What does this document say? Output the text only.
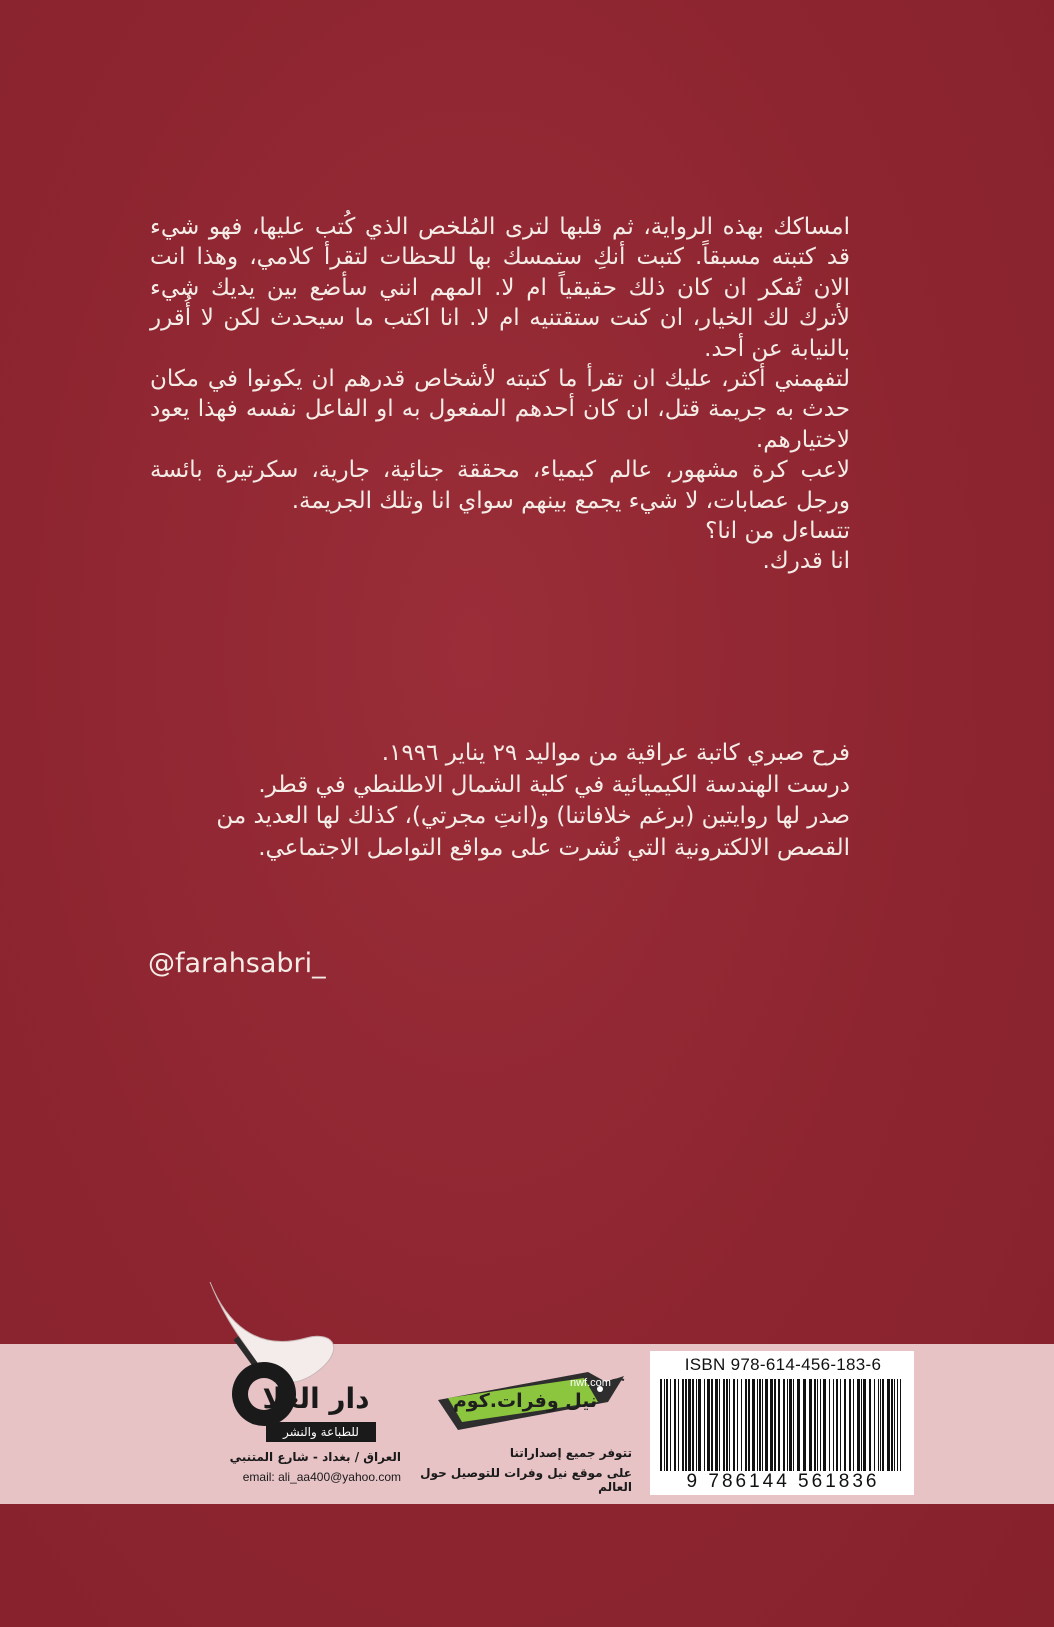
امساكك بهذه الرواية، ثم قلبها لترى المُلخص الذي كُتب عليها، فهو شيء قد كتبته مسبقاً. كتبت أنكِ ستمسك بها للحظات لتقرأ كلامي، وهذا انت الان تُفكر ان كان ذلك حقيقياً ام لا. المهم انني سأضع بين يديك شيء لأترك لك الخيار، ان كنت ستقتنيه ام لا. انا اكتب ما سيحدث لكن لا أُقرر بالنيابة عن أحد.

لتفهمني أكثر، عليك ان تقرأ ما كتبته لأشخاص قدرهم ان يكونوا في مكان حدث به جريمة قتل، ان كان أحدهم المفعول به او الفاعل نفسه فهذا يعود لاختيارهم.

لاعب كرة مشهور، عالم كيمياء، محققة جنائية، جارية، سكرتيرة بائسة ورجل عصابات، لا شيء يجمع بينهم سواي انا وتلك الجريمة.

تتساءل من انا؟

انا قدرك.

فرح صبري كاتبة عراقية من مواليد ٢٩ يناير ١٩٩٦.

درست الهندسة الكيميائية في كلية الشمال الاطلنطي في قطر.

صدر لها روايتين (برغم خلافاتنا) و(انتِ مجرتي)، كذلك لها العديد من القصص الالكترونية التي نُشرت على مواقع التواصل الاجتماعي.

@farahsabri_
ISBN 978-614-456-183-6
9 786144 561836
nwf.com
نيل وفرات.كوم
تتوفر جميع إصداراتنا
على موقع نيل وفرات للتوصيل حول العالم
دار العلا
للطباعة والنشر
العراق / بغداد - شارع المتنبي
email: ali_aa400@yahoo.com
